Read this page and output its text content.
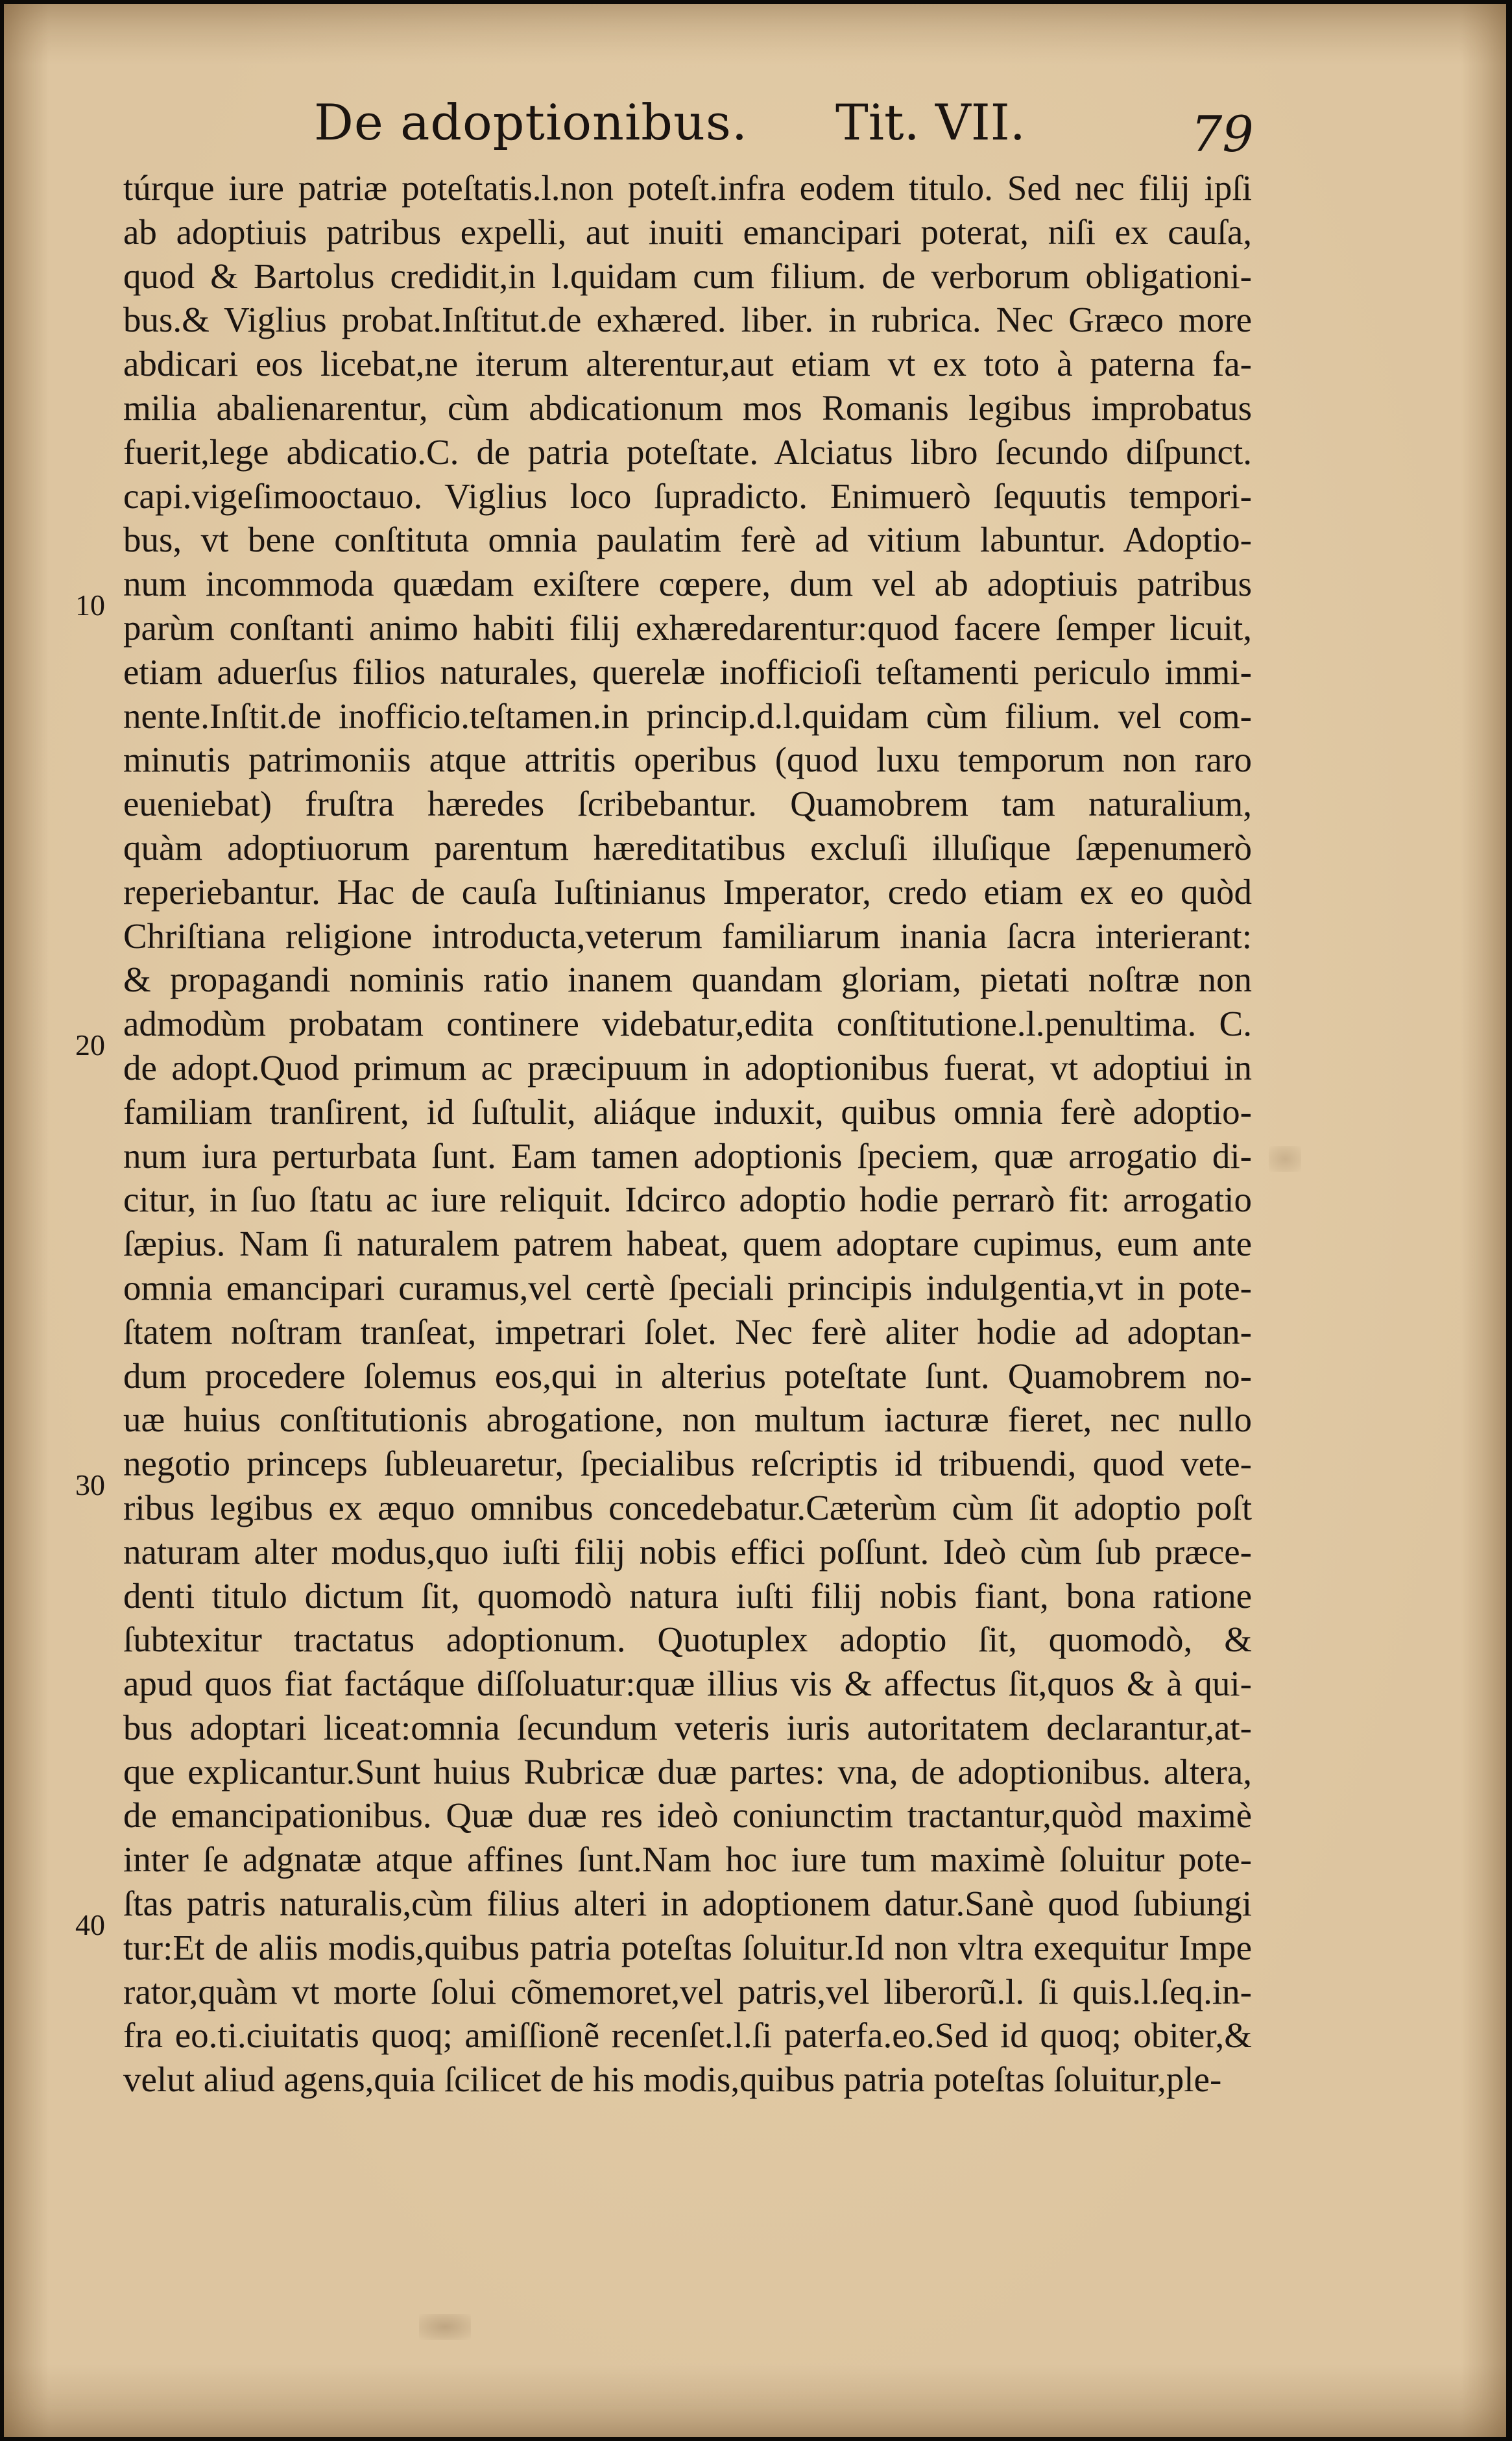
De adoptionibus. Tit. VII.	79
10
20
30
40
túrque iure patriæ poteſtatis.l.non poteſt.infra eodem titulo. Sed nec filij ipſi
ab adoptiuis patribus expelli, aut inuiti emancipari poterat, niſi ex cauſa,
quod & Bartolus credidit,in l.quidam cum filium. de verborum obligationi-
bus.& Viglius probat.Inſtitut.de exhæred. liber. in rubrica. Nec Græco more
abdicari eos licebat,ne iterum alterentur,aut etiam vt ex toto à paterna fa-
milia abalienarentur, cùm abdicationum mos Romanis legibus improbatus
fuerit,lege abdicatio.C. de patria poteſtate. Alciatus libro ſecundo diſpunct.
capi.vigeſimooctauo. Viglius loco ſupradicto. Enimuerò ſequutis tempori-
bus, vt bene conſtituta omnia paulatim ferè ad vitium labuntur. Adoptio-
num incommoda quædam exiſtere cœpere, dum vel ab adoptiuis patribus
parùm conſtanti animo habiti filij exhæredarentur:quod facere ſemper licuit,
etiam aduerſus filios naturales, querelæ inofficioſi teſtamenti periculo immi-
nente.Inſtit.de inofficio.teſtamen.in princip.d.l.quidam cùm filium. vel com-
minutis patrimoniis atque attritis operibus (quod luxu temporum non raro
eueniebat) fruſtra hæredes ſcribebantur. Quamobrem tam naturalium,
quàm adoptiuorum parentum hæreditatibus excluſi illuſique ſæpenumerò
reperiebantur. Hac de cauſa Iuſtinianus Imperator, credo etiam ex eo quòd
Chriſtiana religione introducta,veterum familiarum inania ſacra interierant:
& propagandi nominis ratio inanem quandam gloriam, pietati noſtræ non
admodùm probatam continere videbatur,edita conſtitutione.l.penultima. C.
de adopt.Quod primum ac præcipuum in adoptionibus fuerat, vt adoptiui in
familiam tranſirent, id ſuſtulit, aliáque induxit, quibus omnia ferè adoptio-
num iura perturbata ſunt. Eam tamen adoptionis ſpeciem, quæ arrogatio di-
citur, in ſuo ſtatu ac iure reliquit. Idcirco adoptio hodie perrarò fit: arrogatio
ſæpius. Nam ſi naturalem patrem habeat, quem adoptare cupimus, eum ante
omnia emancipari curamus,vel certè ſpeciali principis indulgentia,vt in pote-
ſtatem noſtram tranſeat, impetrari ſolet. Nec ferè aliter hodie ad adoptan-
dum procedere ſolemus eos,qui in alterius poteſtate ſunt. Quamobrem no-
uæ huius conſtitutionis abrogatione, non multum iacturæ fieret, nec nullo
negotio princeps ſubleuaretur, ſpecialibus reſcriptis id tribuendi, quod vete-
ribus legibus ex æquo omnibus concedebatur.Cæterùm cùm ſit adoptio poſt
naturam alter modus,quo iuſti filij nobis effici poſſunt. Ideò cùm ſub præce-
denti titulo dictum ſit, quomodò natura iuſti filij nobis fiant, bona ratione
ſubtexitur tractatus adoptionum. Quotuplex adoptio ſit, quomodò, &
apud quos fiat factáque diſſoluatur:quæ illius vis & affectus ſit,quos & à qui-
bus adoptari liceat:omnia ſecundum veteris iuris autoritatem declarantur,at-
que explicantur.Sunt huius Rubricæ duæ partes: vna, de adoptionibus. altera,
de emancipationibus. Quæ duæ res ideò coniunctim tractantur,quòd maximè
inter ſe adgnatæ atque affines ſunt.Nam hoc iure tum maximè ſoluitur pote-
ſtas patris naturalis,cùm filius alteri in adoptionem datur.Sanè quod ſubiungi
tur:Et de aliis modis,quibus patria poteſtas ſoluitur.Id non vltra exequitur Impe
rator,quàm vt morte ſolui cõmemoret,vel patris,vel liberorũ.l. ſi quis.l.ſeq.in-
fra eo.ti.ciuitatis quoq; amiſſionẽ recenſet.l.ſi paterfa.eo.Sed id quoq; obiter,&
velut aliud agens,quia ſcilicet de his modis,quibus patria poteſtas ſoluitur,ple-
